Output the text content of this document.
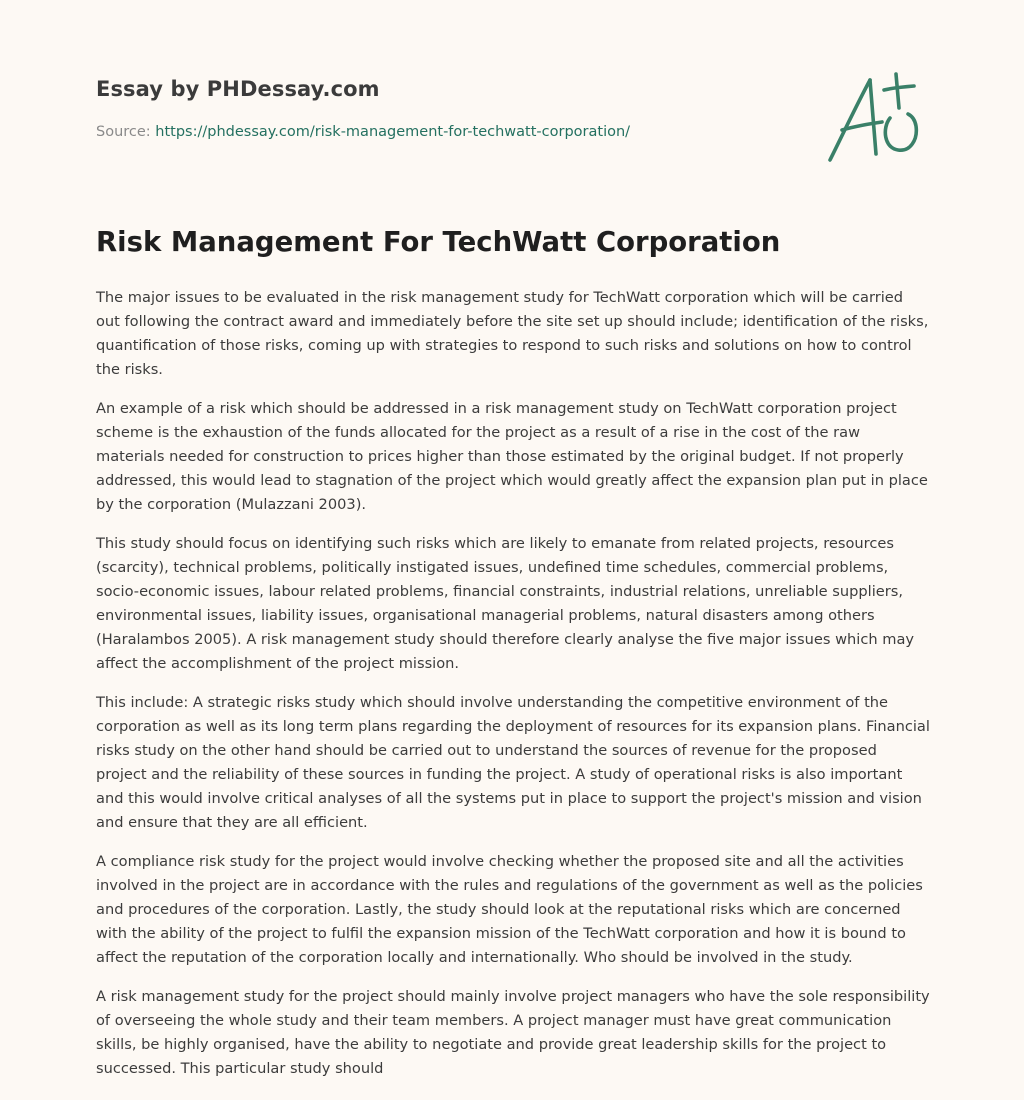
Essay by PHDessay.com
Source: https://phdessay.com/risk-management-for-techwatt-corporation/
Risk Management For TechWatt Corporation

The major issues to be evaluated in the risk management study for TechWatt corporation which will be carried out following the contract award and immediately before the site set up should include; identification of the risks, quantification of those risks, coming up with strategies to respond to such risks and solutions on how to control the risks.

An example of a risk which should be addressed in a risk management study on TechWatt corporation project scheme is the exhaustion of the funds allocated for the project as a result of a rise in the cost of the raw materials needed for construction to prices higher than those estimated by the original budget. If not properly addressed, this would lead to stagnation of the project which would greatly affect the expansion plan put in place by the corporation (Mulazzani 2003).

This study should focus on identifying such risks which are likely to emanate from related projects, resources (scarcity), technical problems, politically instigated issues, undefined time schedules, commercial problems, socio-economic issues, labour related problems, financial constraints, industrial relations, unreliable suppliers, environmental issues, liability issues, organisational managerial problems, natural disasters among others (Haralambos 2005). A risk management study should therefore clearly analyse the five major issues which may affect the accomplishment of the project mission.

This include: A strategic risks study which should involve understanding the competitive environment of the corporation as well as its long term plans regarding the deployment of resources for its expansion plans. Financial risks study on the other hand should be carried out to understand the sources of revenue for the proposed project and the reliability of these sources in funding the project. A study of operational risks is also important and this would involve critical analyses of all the systems put in place to support the project's mission and vision and ensure that they are all efficient.

A compliance risk study for the project would involve checking whether the proposed site and all the activities involved in the project are in accordance with the rules and regulations of the government as well as the policies and procedures of the corporation. Lastly, the study should look at the reputational risks which are concerned with the ability of the project to fulfil the expansion mission of the TechWatt corporation and how it is bound to affect the reputation of the corporation locally and internationally. Who should be involved in the study.

A risk management study for the project should mainly involve project managers who have the sole responsibility of overseeing the whole study and their team members. A project manager must have great communication skills, be highly organised, have the ability to negotiate and provide great leadership skills for the project to successed. This particular study should
